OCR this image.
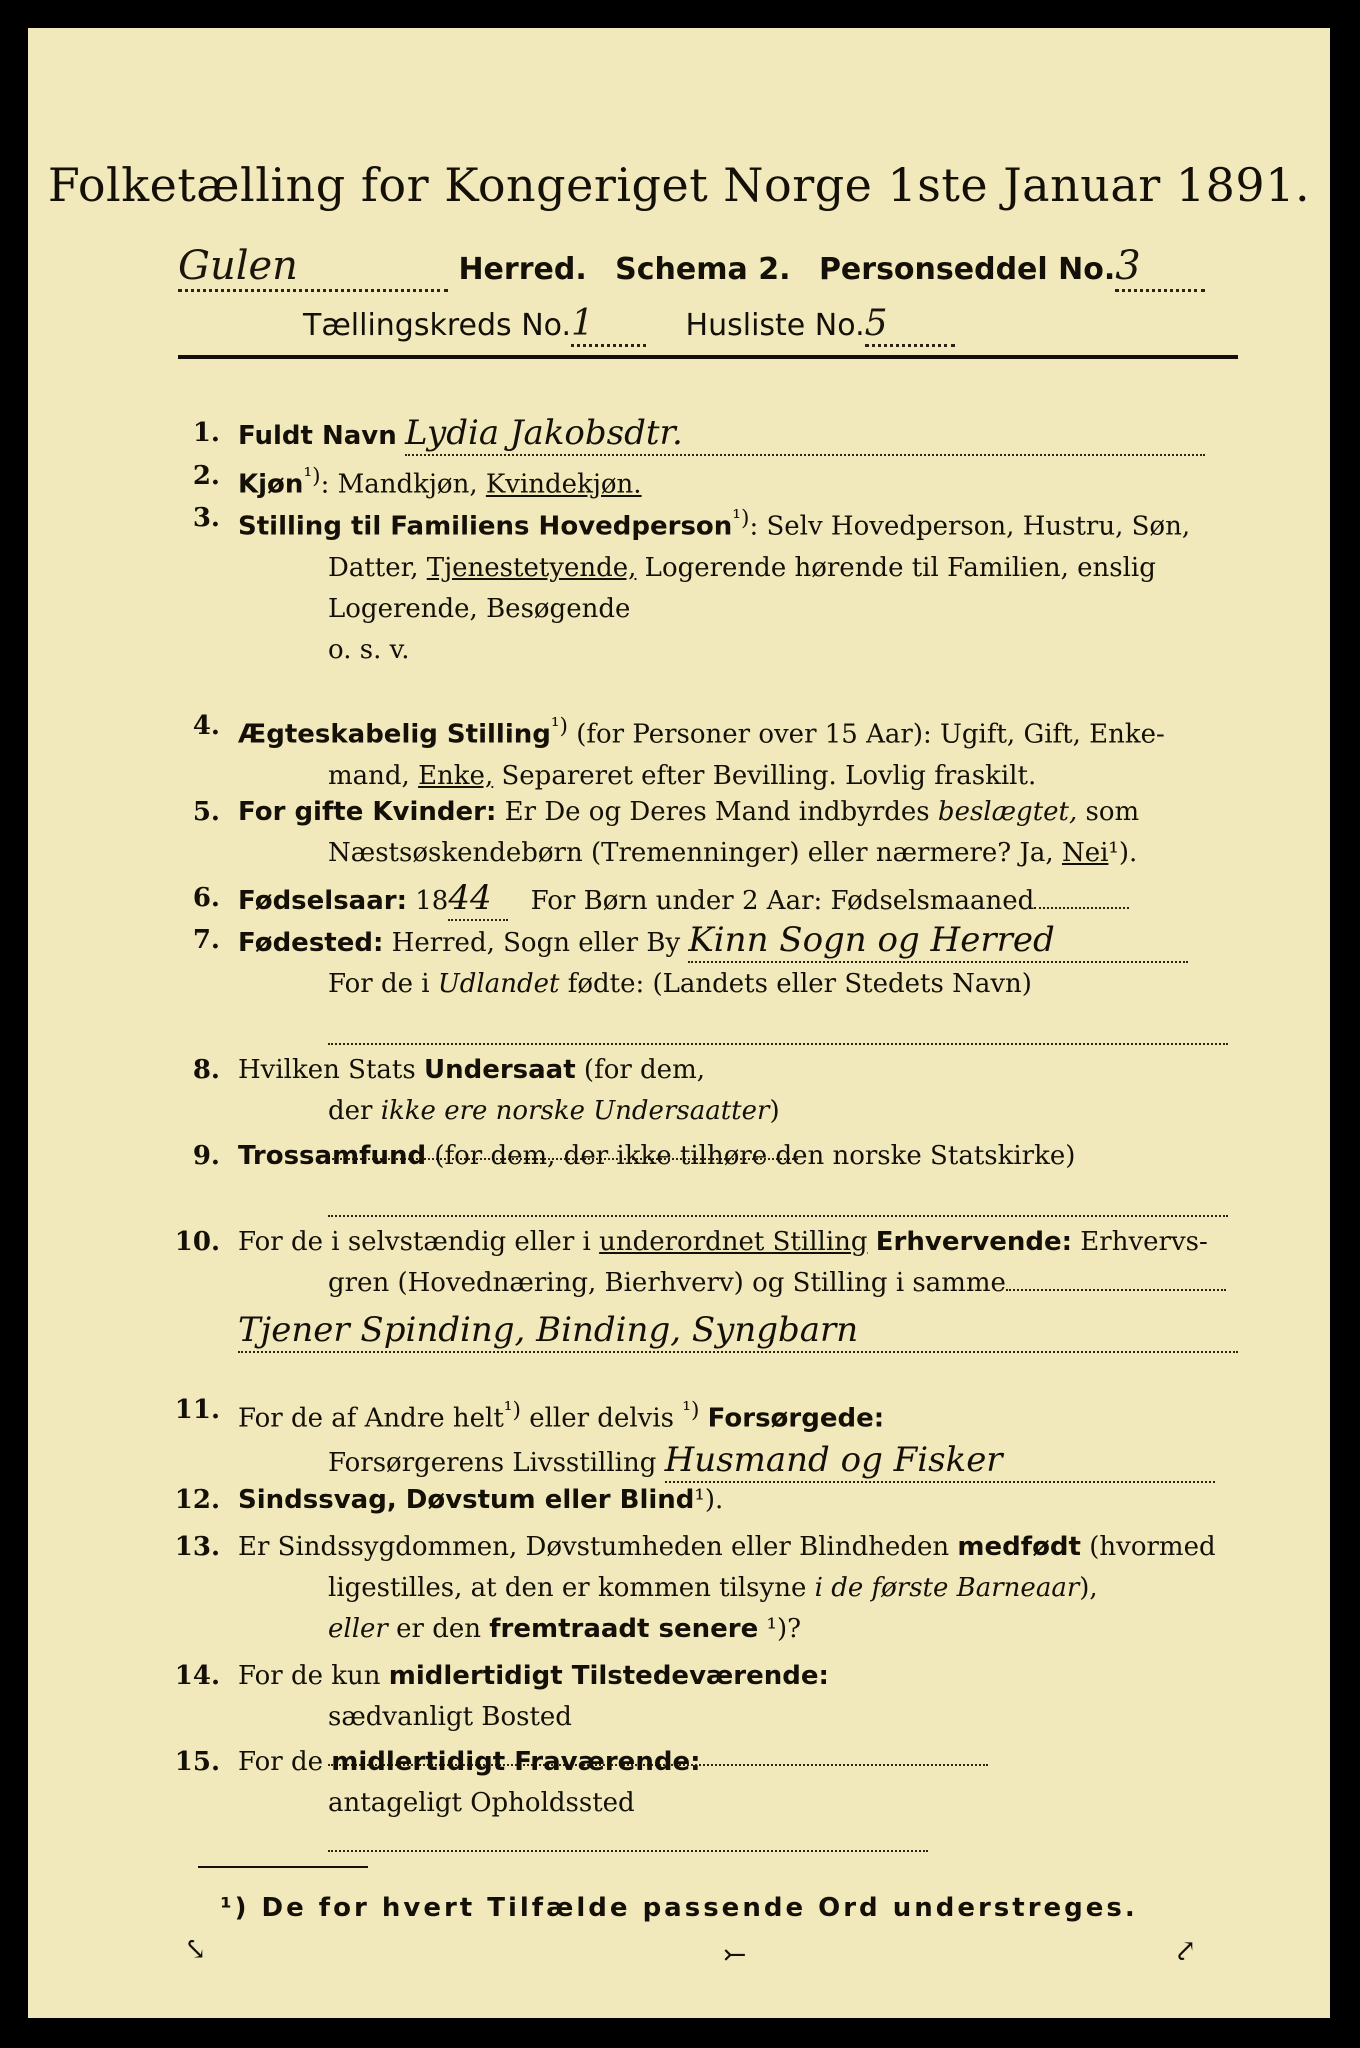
Folketælling for Kongeriget Norge 1ste Januar 1891.
Gulen	Herred. Schema 2. Personseddel No.3
Tællingskreds No.1	Husliste No.5
1. Fuldt Navn Lydia Jakobsdtr.
2. Kjøn$^{^1)}$: Mandkjøn, Kvindekjøn.
3. Stilling til Familiens Hovedperson$^{^1)}$: Selv Hovedperson, Hustru, Søn,
Datter, Tjenestetyende, Logerende hørende til Familien, enslig
Logerende, Besøgende
o. s. v.
4. Ægteskabelig Stilling$^{^1)}$ (for Personer over 15 Aar): Ugift, Gift, Enke-
mand, Enke, Separeret efter Bevilling. Lovlig fraskilt.
5. For gifte Kvinder: Er De og Deres Mand indbyrdes beslægtet, som
Næstsøskendebørn (Tremenninger) eller nærmere? Ja, Nei¹).
6. Fødselsaar: 1844 For Børn under 2 Aar: Fødselsmaaned
7. Fødested: Herred, Sogn eller By Kinn Sogn og Herred
For de i Udlandet fødte: (Landets eller Stedets Navn)
8. Hvilken Stats Undersaat (for dem,
der ikke ere norske Undersaatter)
9. Trossamfund (for dem, der ikke tilhøre den norske Statskirke)
10. For de i selvstændig eller i underordnet Stilling Erhvervende: Erhvervs-
gren (Hovednæring, Bierhverv) og Stilling i samme
Tjener Spinding, Binding, Syngbarn
11. For de af Andre helt$^{^1)}$ eller delvis $^{^1)}$ Forsørgede:
Forsørgerens Livsstilling Husmand og Fisker
12. Sindssvag, Døvstum eller Blind¹).
13. Er Sindssygdommen, Døvstumheden eller Blindheden medfødt (hvormed
ligestilles, at den er kommen tilsyne i de første Barneaar),
eller er den fremtraadt senere ¹)?
14. For de kun midlertidigt Tilstedeværende:
sædvanligt Bosted
15. For de midlertidigt Fraværende:
antageligt Opholdssted
¹) De for hvert Tilfælde passende Ord understreges.
⤥	⤚	⤤
